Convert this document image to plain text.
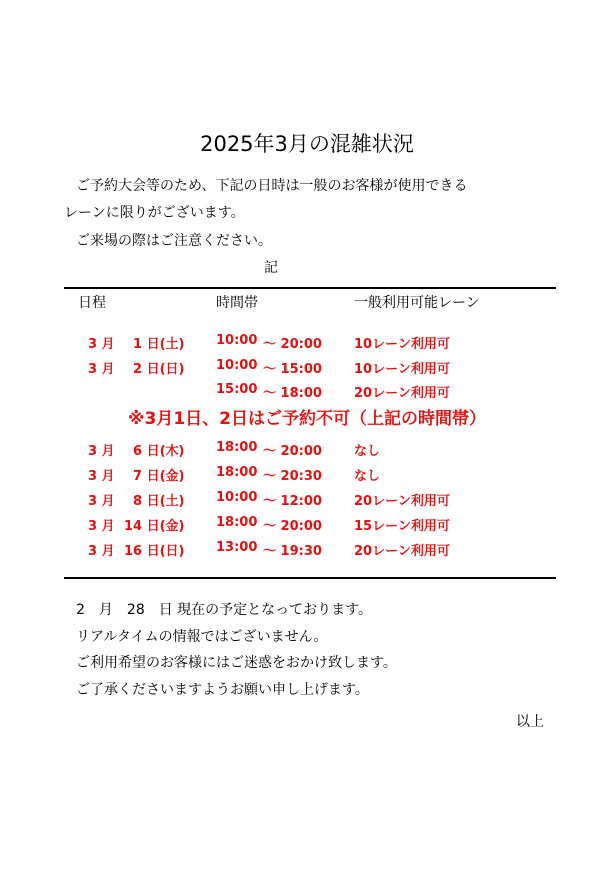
2025年3月の混雑状況
ご予約大会等のため、下記の日時は一般のお客様が使用できる
レーンに限りがございます。
ご来場の際はご注意ください。
記
日程	時間帯	一般利用可能レーン
3 月 1 日(土) 10:00 ～ 20:00 10レーン利用可
3 月 2 日(日) 10:00 ～ 15:00 10レーン利用可
15:00 ～ 18:00 20レーン利用可
※3月1日、2日はご予約不可（上記の時間帯）
3 月 6 日(木) 18:00 ～ 20:00 なし
3 月 7 日(金) 18:00 ～ 20:30 なし
3 月 8 日(土) 10:00 ～ 12:00 20レーン利用可
3 月 14 日(金) 18:00 ～ 20:00 15レーン利用可
3 月 16 日(日) 13:00 ～ 19:30 20レーン利用可
2　月　28　日 現在の予定となっております。
リアルタイムの情報ではございません。
ご利用希望のお客様にはご迷惑をおかけ致します。
ご了承くださいますようお願い申し上げます。
以上
